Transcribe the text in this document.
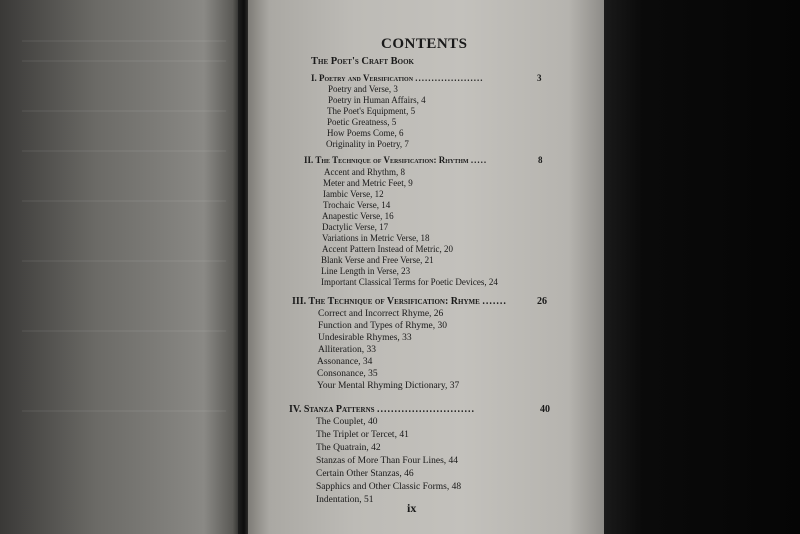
CONTENTS
The Poet's Craft Book
I. Poetry and Versification .....................	3
Poetry and Verse, 3
Poetry in Human Affairs, 4
The Poet's Equipment, 5
Poetic Greatness, 5
How Poems Come, 6
Originality in Poetry, 7
II. The Technique of Versification: Rhythm .....	8
Accent and Rhythm, 8
Meter and Metric Feet, 9
Iambic Verse, 12
Trochaic Verse, 14
Anapestic Verse, 16
Dactylic Verse, 17
Variations in Metric Verse, 18
Accent Pattern Instead of Metric, 20
Blank Verse and Free Verse, 21
Line Length in Verse, 23
Important Classical Terms for Poetic Devices, 24
III. The Technique of Versification: Rhyme .......	26
Correct and Incorrect Rhyme, 26
Function and Types of Rhyme, 30
Undesirable Rhymes, 33
Alliteration, 33
Assonance, 34
Consonance, 35
Your Mental Rhyming Dictionary, 37
IV. Stanza Patterns ............................	40
The Couplet, 40
The Triplet or Tercet, 41
The Quatrain, 42
Stanzas of More Than Four Lines, 44
Certain Other Stanzas, 46
Sapphics and Other Classic Forms, 48
Indentation, 51
ix
